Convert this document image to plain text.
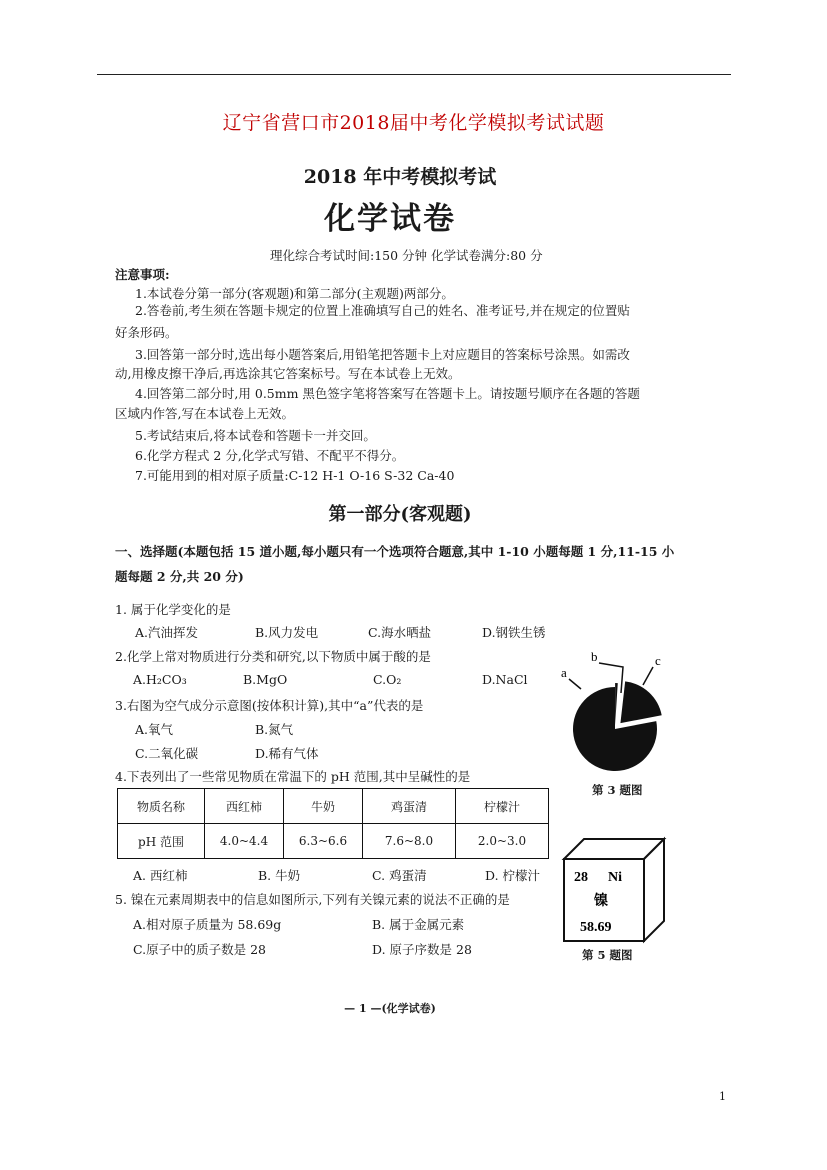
辽宁省营口市2018届中考化学模拟考试试题
2018 年中考模拟考试
化学试卷
理化综合考试时间:150 分钟 化学试卷满分:80 分
注意事项:
1.本试卷分第一部分(客观题)和第二部分(主观题)两部分。
2.答卷前,考生须在答题卡规定的位置上准确填写自己的姓名、准考证号,并在规定的位置贴
好条形码。
3.回答第一部分时,选出每小题答案后,用铅笔把答题卡上对应题目的答案标号涂黑。如需改
动,用橡皮擦干净后,再选涂其它答案标号。写在本试卷上无效。
4.回答第二部分时,用 0.5mm 黑色签字笔将答案写在答题卡上。请按题号顺序在各题的答题
区域内作答,写在本试卷上无效。
5.考试结束后,将本试卷和答题卡一并交回。
6.化学方程式 2 分,化学式写错、不配平不得分。
7.可能用到的相对原子质量:C-12 H-1 O-16 S-32 Ca-40
第一部分(客观题)
一、选择题(本题包括 15 道小题,每小题只有一个选项符合题意,其中 1-10 小题每题 1 分,11-15 小
题每题 2 分,共 20 分)
1. 属于化学变化的是
A.汽油挥发	B.风力发电	C.海水晒盐	D.钢铁生锈
2.化学上常对物质进行分类和研究,以下物质中属于酸的是
A.H₂CO₃	B.MgO	C.O₂	D.NaCl
3.右图为空气成分示意图(按体积计算),其中“a”代表的是
A.氧气	B.氮气
C.二氧化碳	D.稀有气体
a
b	c
第 3 题图
4.下表列出了一些常见物质在常温下的 pH 范围,其中呈碱性的是
物质名称	西红柿	牛奶	鸡蛋清	柠檬汁
pH 范围	4.0~4.4	6.3~6.6	7.6~8.0	2.0~3.0
A. 西红柿	B. 牛奶	C. 鸡蛋清	D. 柠檬汁
5. 镍在元素周期表中的信息如图所示,下列有关镍元素的说法不正确的是
A.相对原子质量为 58.69g	B. 属于金属元素
C.原子中的质子数是 28	D. 原子序数是 28
28 Ni
镍
58.69
第 5 题图
— 1 —(化学试卷)
1
